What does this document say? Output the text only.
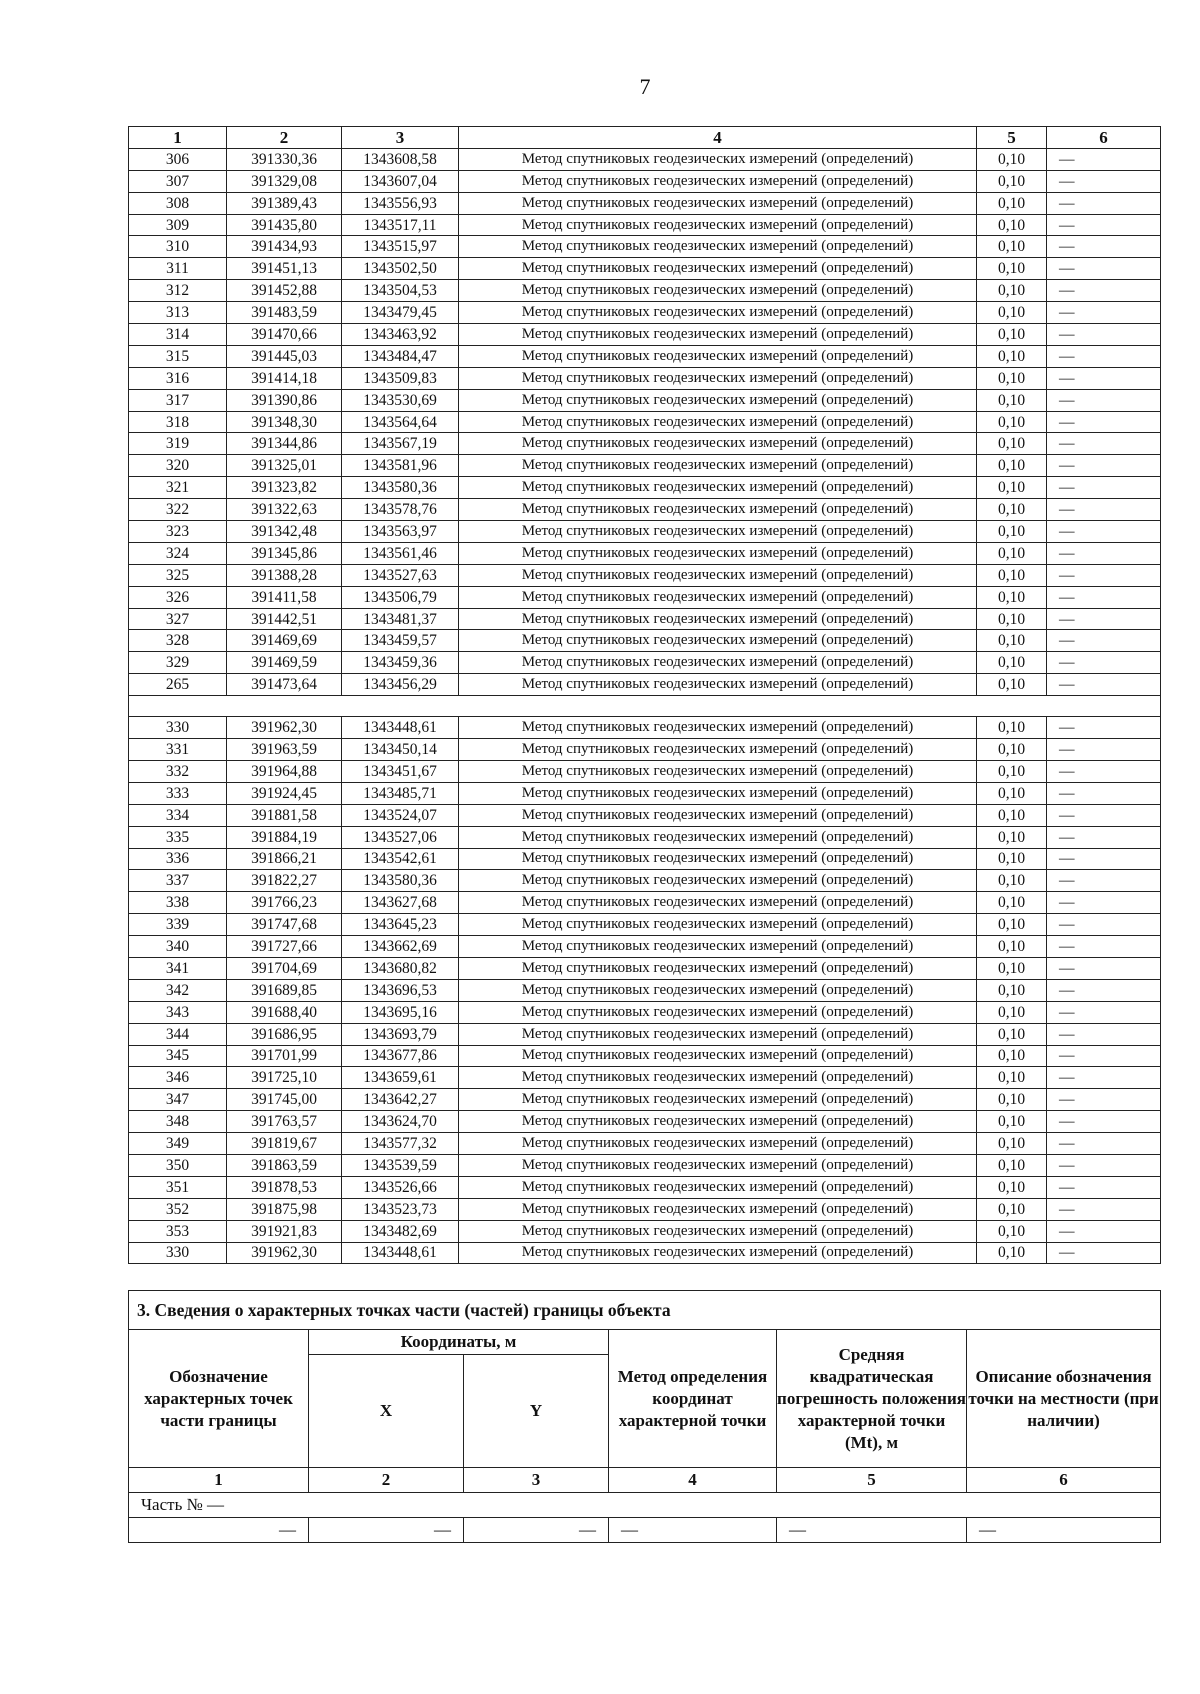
7
1	2	3	4	5	6
306	391330,36	1343608,58	Метод спутниковых геодезических измерений (определений)	0,10	—
307	391329,08	1343607,04	Метод спутниковых геодезических измерений (определений)	0,10	—
308	391389,43	1343556,93	Метод спутниковых геодезических измерений (определений)	0,10	—
309	391435,80	1343517,11	Метод спутниковых геодезических измерений (определений)	0,10	—
310	391434,93	1343515,97	Метод спутниковых геодезических измерений (определений)	0,10	—
311	391451,13	1343502,50	Метод спутниковых геодезических измерений (определений)	0,10	—
312	391452,88	1343504,53	Метод спутниковых геодезических измерений (определений)	0,10	—
313	391483,59	1343479,45	Метод спутниковых геодезических измерений (определений)	0,10	—
314	391470,66	1343463,92	Метод спутниковых геодезических измерений (определений)	0,10	—
315	391445,03	1343484,47	Метод спутниковых геодезических измерений (определений)	0,10	—
316	391414,18	1343509,83	Метод спутниковых геодезических измерений (определений)	0,10	—
317	391390,86	1343530,69	Метод спутниковых геодезических измерений (определений)	0,10	—
318	391348,30	1343564,64	Метод спутниковых геодезических измерений (определений)	0,10	—
319	391344,86	1343567,19	Метод спутниковых геодезических измерений (определений)	0,10	—
320	391325,01	1343581,96	Метод спутниковых геодезических измерений (определений)	0,10	—
321	391323,82	1343580,36	Метод спутниковых геодезических измерений (определений)	0,10	—
322	391322,63	1343578,76	Метод спутниковых геодезических измерений (определений)	0,10	—
323	391342,48	1343563,97	Метод спутниковых геодезических измерений (определений)	0,10	—
324	391345,86	1343561,46	Метод спутниковых геодезических измерений (определений)	0,10	—
325	391388,28	1343527,63	Метод спутниковых геодезических измерений (определений)	0,10	—
326	391411,58	1343506,79	Метод спутниковых геодезических измерений (определений)	0,10	—
327	391442,51	1343481,37	Метод спутниковых геодезических измерений (определений)	0,10	—
328	391469,69	1343459,57	Метод спутниковых геодезических измерений (определений)	0,10	—
329	391469,59	1343459,36	Метод спутниковых геодезических измерений (определений)	0,10	—
265	391473,64	1343456,29	Метод спутниковых геодезических измерений (определений)	0,10	—

330	391962,30	1343448,61	Метод спутниковых геодезических измерений (определений)	0,10	—
331	391963,59	1343450,14	Метод спутниковых геодезических измерений (определений)	0,10	—
332	391964,88	1343451,67	Метод спутниковых геодезических измерений (определений)	0,10	—
333	391924,45	1343485,71	Метод спутниковых геодезических измерений (определений)	0,10	—
334	391881,58	1343524,07	Метод спутниковых геодезических измерений (определений)	0,10	—
335	391884,19	1343527,06	Метод спутниковых геодезических измерений (определений)	0,10	—
336	391866,21	1343542,61	Метод спутниковых геодезических измерений (определений)	0,10	—
337	391822,27	1343580,36	Метод спутниковых геодезических измерений (определений)	0,10	—
338	391766,23	1343627,68	Метод спутниковых геодезических измерений (определений)	0,10	—
339	391747,68	1343645,23	Метод спутниковых геодезических измерений (определений)	0,10	—
340	391727,66	1343662,69	Метод спутниковых геодезических измерений (определений)	0,10	—
341	391704,69	1343680,82	Метод спутниковых геодезических измерений (определений)	0,10	—
342	391689,85	1343696,53	Метод спутниковых геодезических измерений (определений)	0,10	—
343	391688,40	1343695,16	Метод спутниковых геодезических измерений (определений)	0,10	—
344	391686,95	1343693,79	Метод спутниковых геодезических измерений (определений)	0,10	—
345	391701,99	1343677,86	Метод спутниковых геодезических измерений (определений)	0,10	—
346	391725,10	1343659,61	Метод спутниковых геодезических измерений (определений)	0,10	—
347	391745,00	1343642,27	Метод спутниковых геодезических измерений (определений)	0,10	—
348	391763,57	1343624,70	Метод спутниковых геодезических измерений (определений)	0,10	—
349	391819,67	1343577,32	Метод спутниковых геодезических измерений (определений)	0,10	—
350	391863,59	1343539,59	Метод спутниковых геодезических измерений (определений)	0,10	—
351	391878,53	1343526,66	Метод спутниковых геодезических измерений (определений)	0,10	—
352	391875,98	1343523,73	Метод спутниковых геодезических измерений (определений)	0,10	—
353	391921,83	1343482,69	Метод спутниковых геодезических измерений (определений)	0,10	—
330	391962,30	1343448,61	Метод спутниковых геодезических измерений (определений)	0,10	—
3. Сведения о характерных точках части (частей) границы объекта					
Обозначение характерных точек части границы	Координаты, м		Метод определения координат характерной точки	Средняя квадратическая погрешность положения характерной точки (Mt), м	Описание обозначения точки на местности (при наличии)
	X	Y			
1	2	3	4	5	6
Часть № —					
—	—	—	—	—	—
